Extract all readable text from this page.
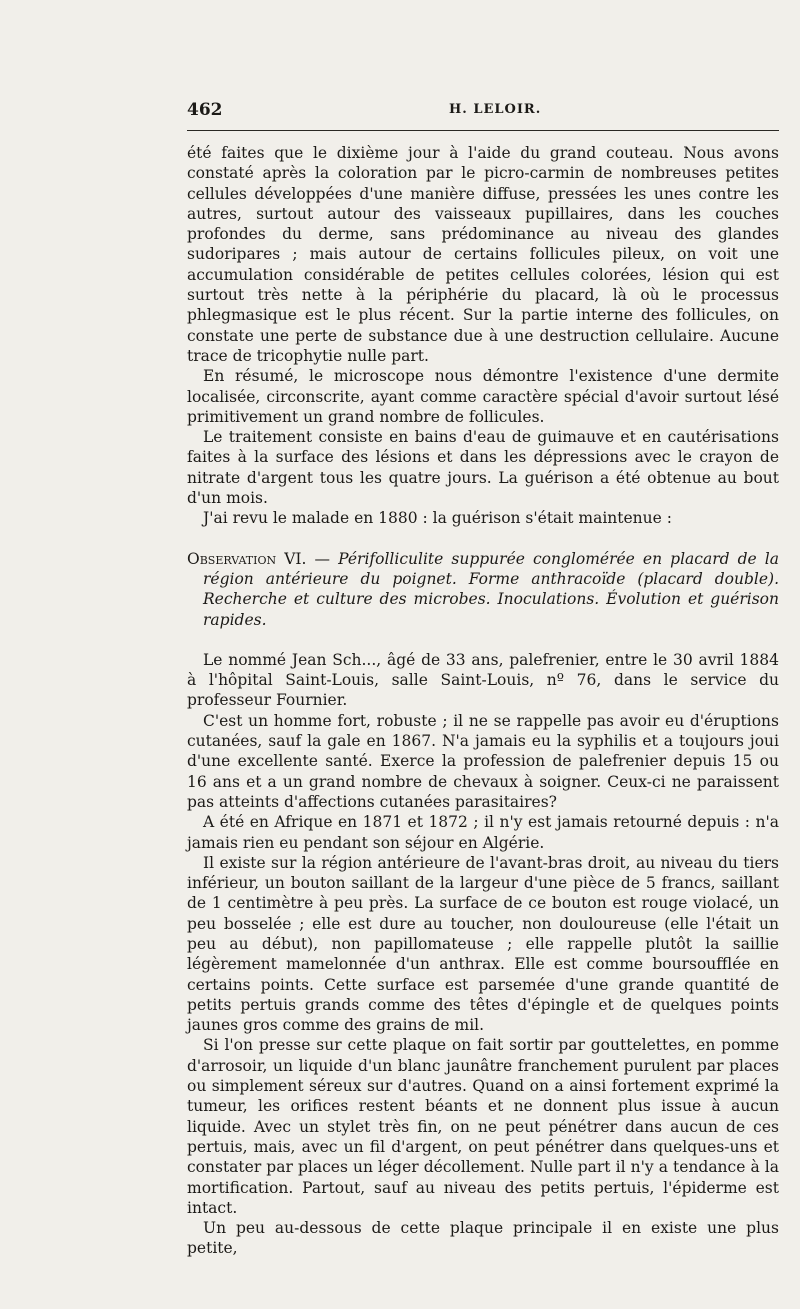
462	H. LELOIR.

été faites que le dixième jour à l'aide du grand couteau. Nous avons constaté après la coloration par le picro-carmin de nombreuses petites cellules développées d'une manière diffuse, pressées les unes contre les autres, surtout autour des vaisseaux pupillaires, dans les couches profondes du derme, sans prédominance au niveau des glandes sudoripares ; mais autour de certains follicules pileux, on voit une accumulation considérable de petites cellules colorées, lésion qui est surtout très nette à la périphérie du placard, là où le processus phlegmasique est le plus récent. Sur la partie interne des follicules, on constate une perte de substance due à une destruction cellulaire. Aucune trace de tricophytie nulle part.

En résumé, le microscope nous démontre l'existence d'une dermite localisée, circonscrite, ayant comme caractère spécial d'avoir surtout lésé primitivement un grand nombre de follicules.

Le traitement consiste en bains d'eau de guimauve et en cautérisations faites à la surface des lésions et dans les dépressions avec le crayon de nitrate d'argent tous les quatre jours. La guérison a été obtenue au bout d'un mois.

J'ai revu le malade en 1880 : la guérison s'était maintenue :

Observation VI. — Périfolliculite suppurée conglomérée en placard de la région antérieure du poignet. Forme anthracoïde (placard double). Recherche et culture des microbes. Inoculations. Évolution et guérison rapides.

Le nommé Jean Sch..., âgé de 33 ans, palefrenier, entre le 30 avril 1884 à l'hôpital Saint-Louis, salle Saint-Louis, nº 76, dans le service du professeur Fournier.

C'est un homme fort, robuste ; il ne se rappelle pas avoir eu d'éruptions cutanées, sauf la gale en 1867. N'a jamais eu la syphilis et a toujours joui d'une excellente santé. Exerce la profession de palefrenier depuis 15 ou 16 ans et a un grand nombre de chevaux à soigner. Ceux-ci ne paraissent pas atteints d'affections cutanées parasitaires?

A été en Afrique en 1871 et 1872 ; il n'y est jamais retourné depuis : n'a jamais rien eu pendant son séjour en Algérie.

Il existe sur la région antérieure de l'avant-bras droit, au niveau du tiers inférieur, un bouton saillant de la largeur d'une pièce de 5 francs, saillant de 1 centimètre à peu près. La surface de ce bouton est rouge violacé, un peu bosselée ; elle est dure au toucher, non douloureuse (elle l'était un peu au début), non papillomateuse ; elle rappelle plutôt la saillie légèrement mamelonnée d'un anthrax. Elle est comme boursoufflée en certains points. Cette surface est parsemée d'une grande quantité de petits pertuis grands comme des têtes d'épingle et de quelques points jaunes gros comme des grains de mil.

Si l'on presse sur cette plaque on fait sortir par gouttelettes, en pomme d'arrosoir, un liquide d'un blanc jaunâtre franchement purulent par places ou simplement séreux sur d'autres. Quand on a ainsi fortement exprimé la tumeur, les orifices restent béants et ne donnent plus issue à aucun liquide. Avec un stylet très fin, on ne peut pénétrer dans aucun de ces pertuis, mais, avec un fil d'argent, on peut pénétrer dans quelques-uns et constater par places un léger décollement. Nulle part il n'y a tendance à la mortification. Partout, sauf au niveau des petits pertuis, l'épiderme est intact.

Un peu au-dessous de cette plaque principale il en existe une plus petite,
